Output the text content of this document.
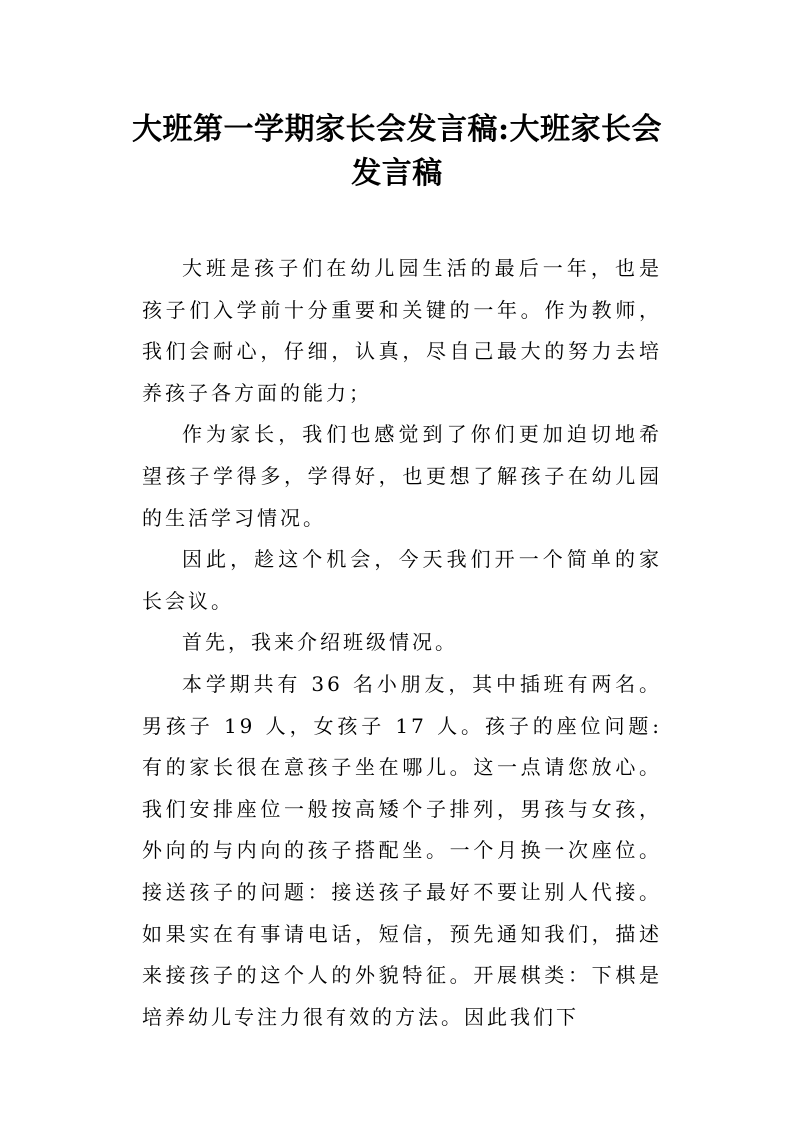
大班第一学期家长会发言稿:大班家长会发言稿

大班是孩子们在幼儿园生活的最后一年，也是孩子们入学前十分重要和关键的一年。作为教师，我们会耐心，仔细，认真，尽自己最大的努力去培养孩子各方面的能力；

作为家长，我们也感觉到了你们更加迫切地希望孩子学得多，学得好，也更想了解孩子在幼儿园的生活学习情况。

因此，趁这个机会，今天我们开一个简单的家长会议。

首先，我来介绍班级情况。

本学期共有 36 名小朋友，其中插班有两名。男孩子 19 人，女孩子 17 人。孩子的座位问题: 有的家长很在意孩子坐在哪儿。这一点请您放心。我们安排座位一般按高矮个子排列，男孩与女孩，外向的与内向的孩子搭配坐。一个月换一次座位。接送孩子的问题：接送孩子最好不要让别人代接。如果实在有事请电话，短信，预先通知我们，描述来接孩子的这个人的外貌特征。开展棋类：下棋是培养幼儿专注力很有效的方法。因此我们下
